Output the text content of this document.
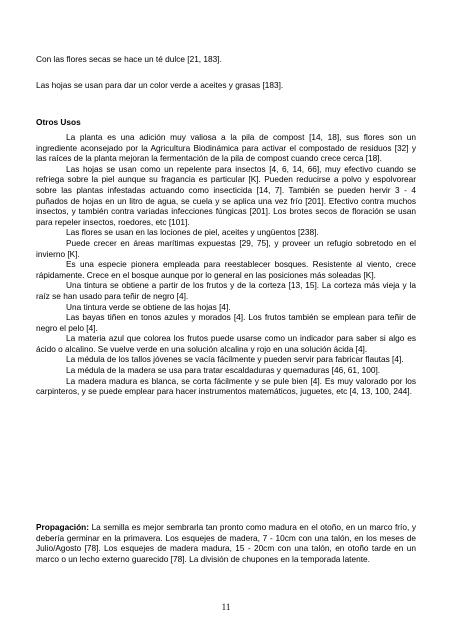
Con las flores secas se hace un té dulce [21, 183].

Las hojas se usan para dar un color verde a aceites y grasas [183].

Otros Usos

La planta es una adición muy valiosa a la pila de compost [14, 18], sus flores son un ingrediente aconsejado por la Agricultura Biodinámica para activar el compostado de residuos [32] y las raíces de la planta mejoran la fermentación de la pila de compost cuando crece cerca [18].

Las hojas se usan como un repelente para insectos [4, 6, 14, 66], muy efectivo cuando se refriega sobre la piel aunque su fragancia es particular [K]. Pueden reducirse a polvo y espolvorear sobre las plantas infestadas actuando como insecticida [14, 7]. También se pueden hervir 3 - 4 puñados de hojas en un litro de agua, se cuela y se aplica una vez frío [201]. Efectivo contra muchos insectos, y también contra variadas infecciones fúngicas [201]. Los brotes secos de floración se usan para repeler insectos, roedores, etc [101].

Las flores se usan en las lociones de piel, aceites y ungüentos [238].

Puede crecer en áreas marítimas expuestas [29, 75], y proveer un refugio sobretodo en el invierno [K].

Es una especie pionera empleada para reestablecer bosques. Resistente al viento, crece rápidamente. Crece en el bosque aunque por lo general en las posiciones más soleadas [K].

Una tintura se obtiene a partir de los frutos y de la corteza [13, 15]. La corteza más vieja y la raíz se han usado para teñir de negro [4].

Una tintura verde se obtiene de las hojas [4].

Las bayas tiñen en tonos azules y morados [4]. Los frutos también se emplean para teñir de negro el pelo [4].

La materia azul que colorea los frutos puede usarse como un indicador para saber si algo es ácido o alcalino. Se vuelve verde en una solución alcalina y rojo en una solución ácida [4].

La médula de los tallos jóvenes se vacía fácilmente y pueden servir para fabricar flautas [4].

La médula de la madera se usa para tratar escaldaduras y quemaduras [46, 61, 100].

La madera madura es blanca, se corta fácilmente y se pule bien [4]. Es muy valorado por los carpinteros, y se puede emplear para hacer instrumentos matemáticos, juguetes, etc [4, 13, 100, 244].

Propagación: La semilla es mejor sembrarla tan pronto como madura en el otoño, en un marco frío, y debería germinar en la primavera. Los esquejes de madera, 7 - 10cm con una talón, en los meses de Julio/Agosto [78]. Los esquejes de madera madura, 15 - 20cm con una talón, en otoño tarde en un marco o un lecho externo guarecido [78]. La división de chupones en la temporada latente.

11
